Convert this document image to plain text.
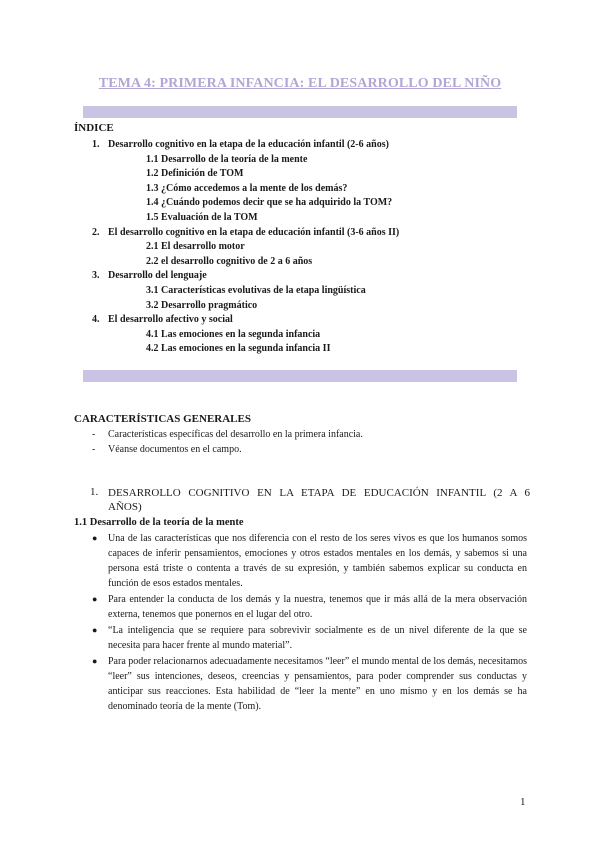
TEMA 4: PRIMERA INFANCIA: EL DESARROLLO DEL NIÑO
ÍNDICE
1. Desarrollo cognitivo en la etapa de la educación infantil (2-6 años)
1.1 Desarrollo de la teoría de la mente
1.2 Definición de TOM
1.3 ¿Cómo accedemos a la mente de los demás?
1.4 ¿Cuándo podemos decir que se ha adquirido la TOM?
1.5 Evaluación de la TOM
2. El desarrollo cognitivo en la etapa de educación infantil (3-6 años II)
2.1 El desarrollo motor
2.2 el desarrollo cognitivo de 2 a 6 años
3. Desarrollo del lenguaje
3.1 Características evolutivas de la etapa lingüística
3.2 Desarrollo pragmático
4. El desarrollo afectivo y social
4.1 Las emociones en la segunda infancia
4.2 Las emociones en la segunda infancia II
CARACTERÍSTICAS GENERALES
- Características específicas del desarrollo en la primera infancia.
- Véanse documentos en el campo.
1. DESARROLLO COGNITIVO EN LA ETAPA DE EDUCACIÓN INFANTIL (2 A 6
AÑOS)
1.1 Desarrollo de la teoría de la mente
● Una de las características que nos diferencia con el resto de los seres vivos es que los humanos somos capaces de inferir pensamientos, emociones y otros estados mentales en los demás, y sabemos si una persona está triste o contenta a través de su expresión, y también sabemos explicar su conducta en función de esos estados mentales.
● Para entender la conducta de los demás y la nuestra, tenemos que ir más allá de la mera observación externa, tenemos que ponernos en el lugar del otro.
● “La inteligencia que se requiere para sobrevivir socialmente es de un nivel diferente de la que se necesita para hacer frente al mundo material”.
● Para poder relacionarnos adecuadamente necesitamos “leer” el mundo mental de los demás, necesitamos “leer” sus intenciones, deseos, creencias y pensamientos, para poder comprender sus conductas y anticipar sus reacciones. Esta habilidad de “leer la mente” en uno mismo y en los demás se ha denominado teoría de la mente (Tom).
1
